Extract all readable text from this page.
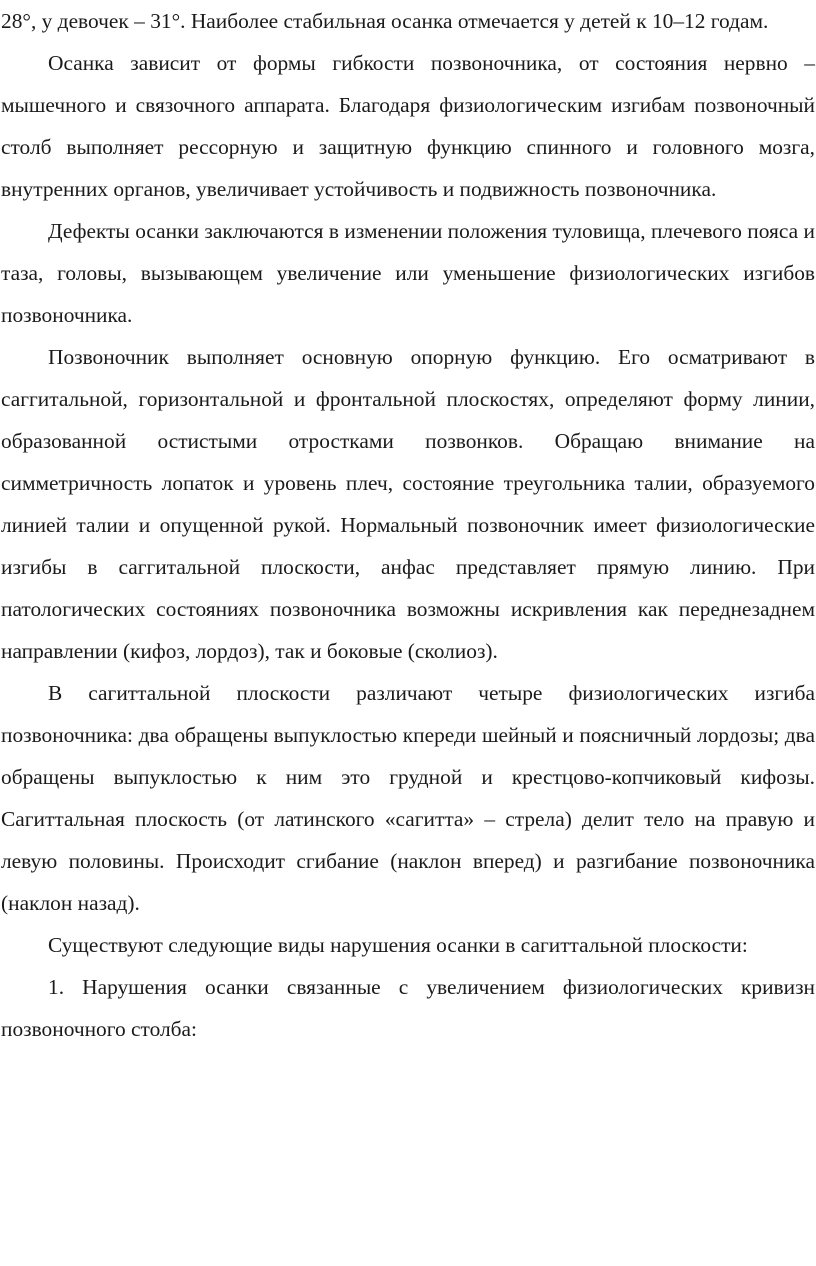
28°, у девочек – 31°. Наиболее стабильная осанка отмечается у детей к 10–12 годам.

Осанка зависит от формы гибкости позвоночника, от состояния нервно – мышечного и связочного аппарата. Благодаря физиологическим изгибам позвоночный столб выполняет рессорную и защитную функцию спинного и головного мозга, внутренних органов, увеличивает устойчивость и подвижность позвоночника.

Дефекты осанки заключаются в изменении положения туловища, плечевого пояса и таза, головы, вызывающем увеличение или уменьшение физиологических изгибов позвоночника.

Позвоночник выполняет основную опорную функцию. Его осматривают в саггитальной, горизонтальной и фронтальной плоскостях, определяют форму линии, образованной остистыми отростками позвонков. Обращаю внимание на симметричность лопаток и уровень плеч, состояние треугольника талии, образуемого линией талии и опущенной рукой. Нормальный позвоночник имеет физиологические изгибы в саггитальной плоскости, анфас представляет прямую линию. При патологических состояниях позвоночника возможны искривления как переднезаднем направлении (кифоз, лордоз), так и боковые (сколиоз).

В сагиттальной плоскости различают четыре физиологических изгиба позвоночника: два обращены выпуклостью кпереди шейный и поясничный лордозы; два обращены выпуклостью к ним это грудной и крестцово-копчиковый кифозы. Сагиттальная плоскость (от латинского «сагитта» – стрела) делит тело на правую и левую половины. Происходит сгибание (наклон вперед) и разгибание позвоночника (наклон назад).

Существуют следующие виды нарушения осанки в сагиттальной плоскости:

1. Нарушения осанки связанные с увеличением физиологических кривизн позвоночного столба:
